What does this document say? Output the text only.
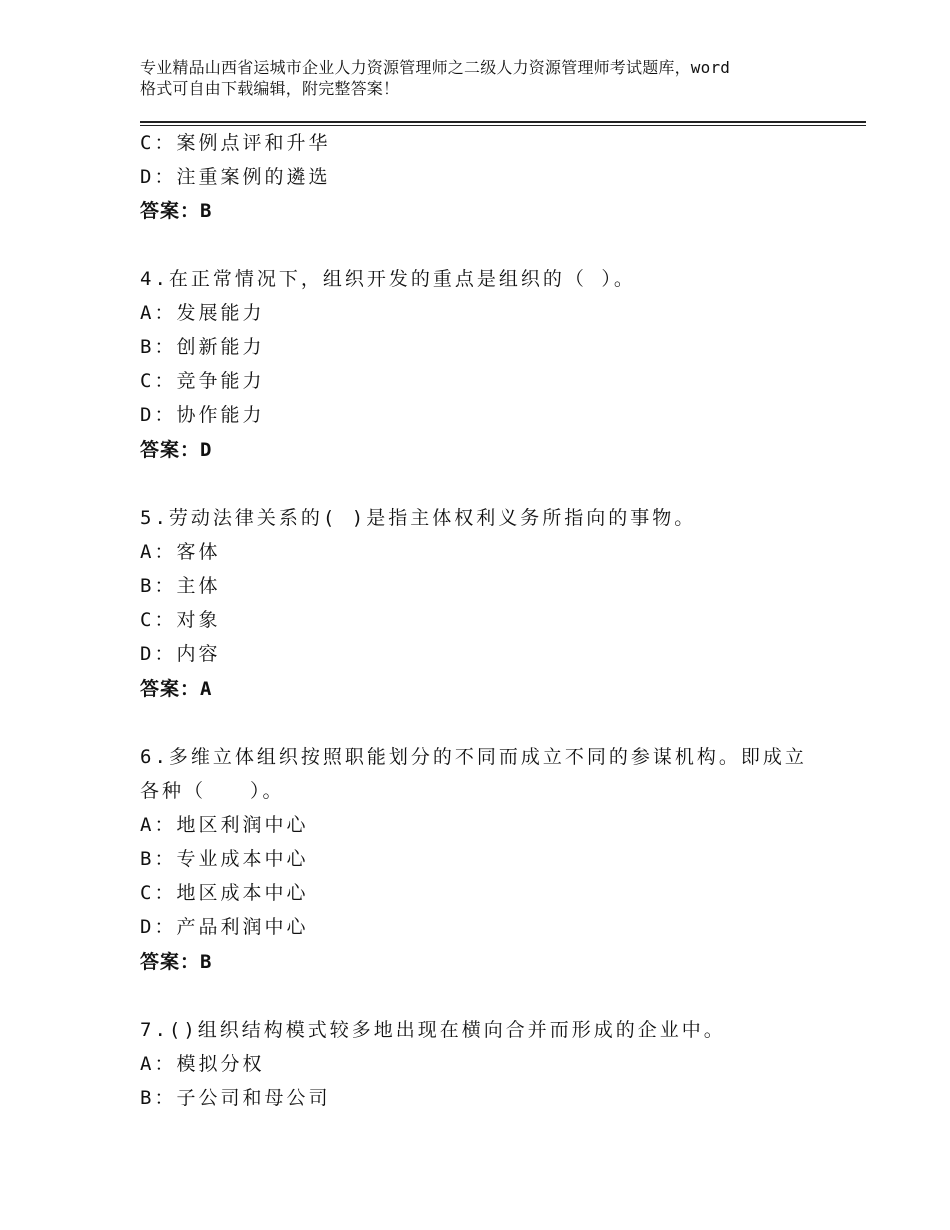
专业精品山西省运城市企业人力资源管理师之二级人力资源管理师考试题库，word
格式可自由下载编辑，附完整答案！
C：案例点评和升华
D：注重案例的遴选
答案：B
4.在正常情况下，组织开发的重点是组织的（ ）。
A：发展能力
B：创新能力
C：竞争能力
D：协作能力
答案：D
5.劳动法律关系的( )是指主体权利义务所指向的事物。
A：客体
B：主体
C：对象
D：内容
答案：A
6.多维立体组织按照职能划分的不同而成立不同的参谋机构。即成立
各种（　　）。
A：地区利润中心
B：专业成本中心
C：地区成本中心
D：产品利润中心
答案：B
7.()组织结构模式较多地出现在横向合并而形成的企业中。
A：模拟分权
B：子公司和母公司
